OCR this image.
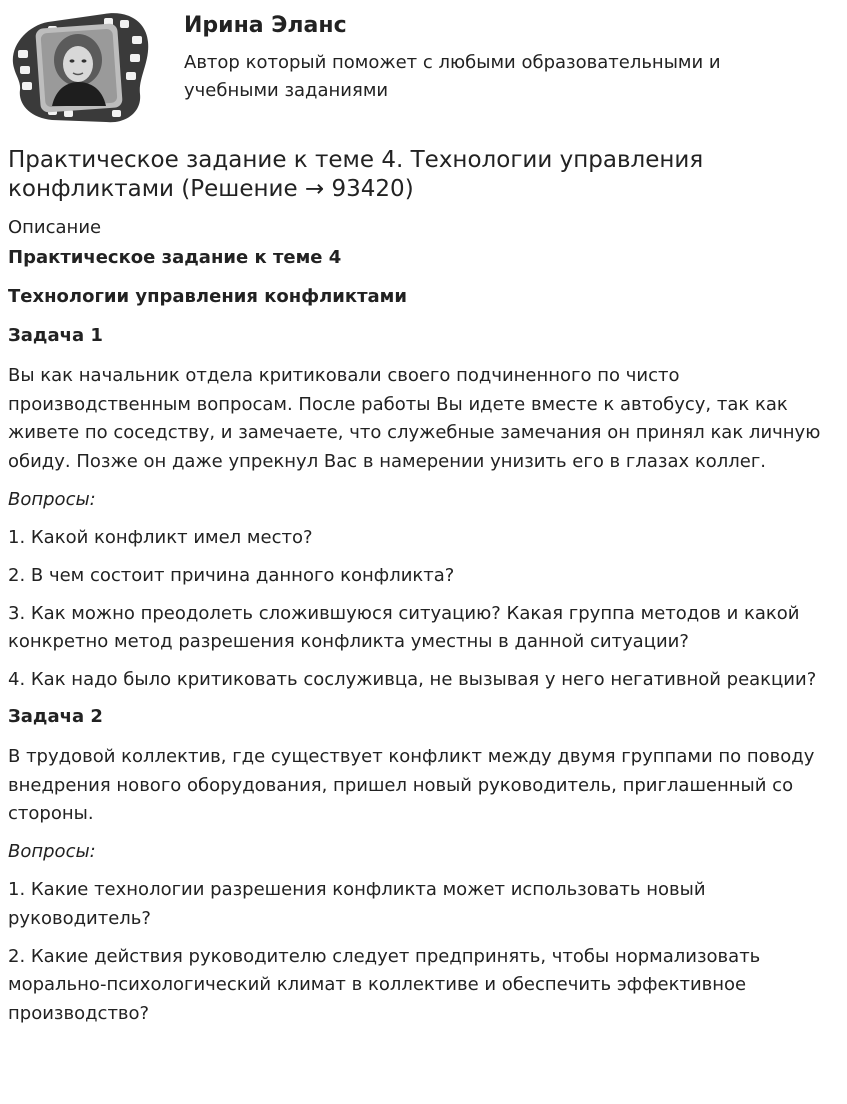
Ирина Эланс

Автор который поможет с любыми образовательными и учебными заданиями

Практическое задание к теме 4. Технологии управления конфликтами (Решение → 93420)

Описание

Практическое задание к теме 4

Технологии управления конфликтами

Задача 1

Вы как начальник отдела критиковали своего подчиненного по чисто производственным вопросам. После работы Вы идете вместе к автобусу, так как живете по соседству, и замечаете, что служебные замечания он принял как личную обиду. Позже он даже упрекнул Вас в намерении унизить его в глазах коллег.

Вопросы:

1. Какой конфликт имел место?

2. В чем состоит причина данного конфликта?

3. Как можно преодолеть сложившуюся ситуацию? Какая группа методов и какой конкретно метод разрешения конфликта уместны в данной ситуации?

4. Как надо было критиковать сослуживца, не вызывая у него негативной реакции?

Задача 2

В трудовой коллектив, где существует конфликт между двумя группами по поводу внедрения нового оборудования, пришел новый руководитель, приглашенный со стороны.

Вопросы:

1. Какие технологии разрешения конфликта может использовать новый руководитель?

2. Какие действия руководителю следует предпринять, чтобы нормализовать морально-психологический климат в коллективе и обеспечить эффективное производство?
